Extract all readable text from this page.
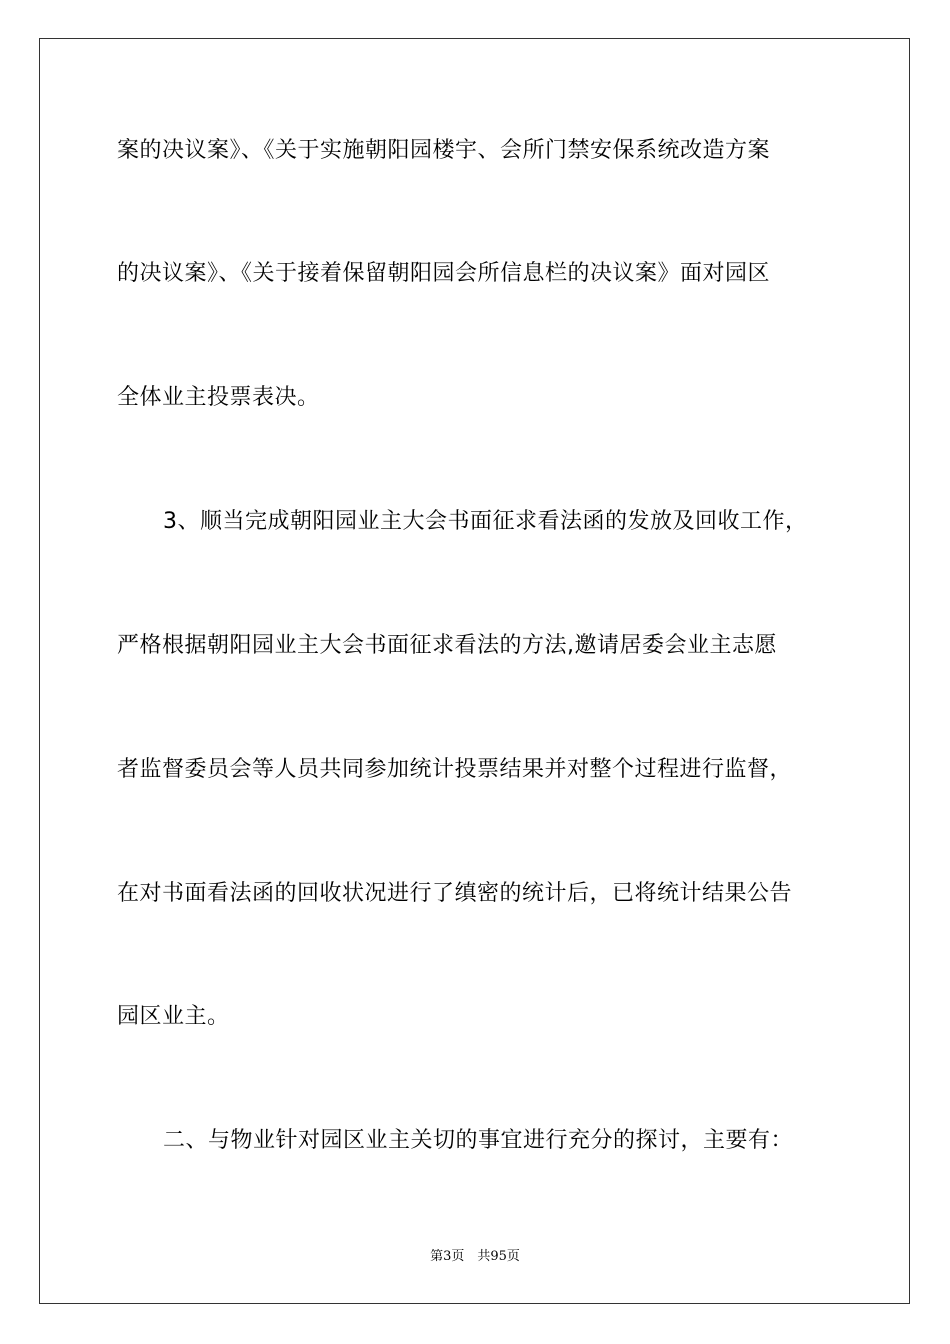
案的决议案》、《关于实施朝阳园楼宇、会所门禁安保系统改造方案
的决议案》、《关于接着保留朝阳园会所信息栏的决议案》面对园区
全体业主投票表决。
3、顺当完成朝阳园业主大会书面征求看法函的发放及回收工作，
严格根据朝阳园业主大会书面征求看法的方法,邀请居委会业主志愿
者监督委员会等人员共同参加统计投票结果并对整个过程进行监督，
在对书面看法函的回收状况进行了缜密的统计后，已将统计结果公告
园区业主。
二、与物业针对园区业主关切的事宜进行充分的探讨，主要有：
第3页　共95页
